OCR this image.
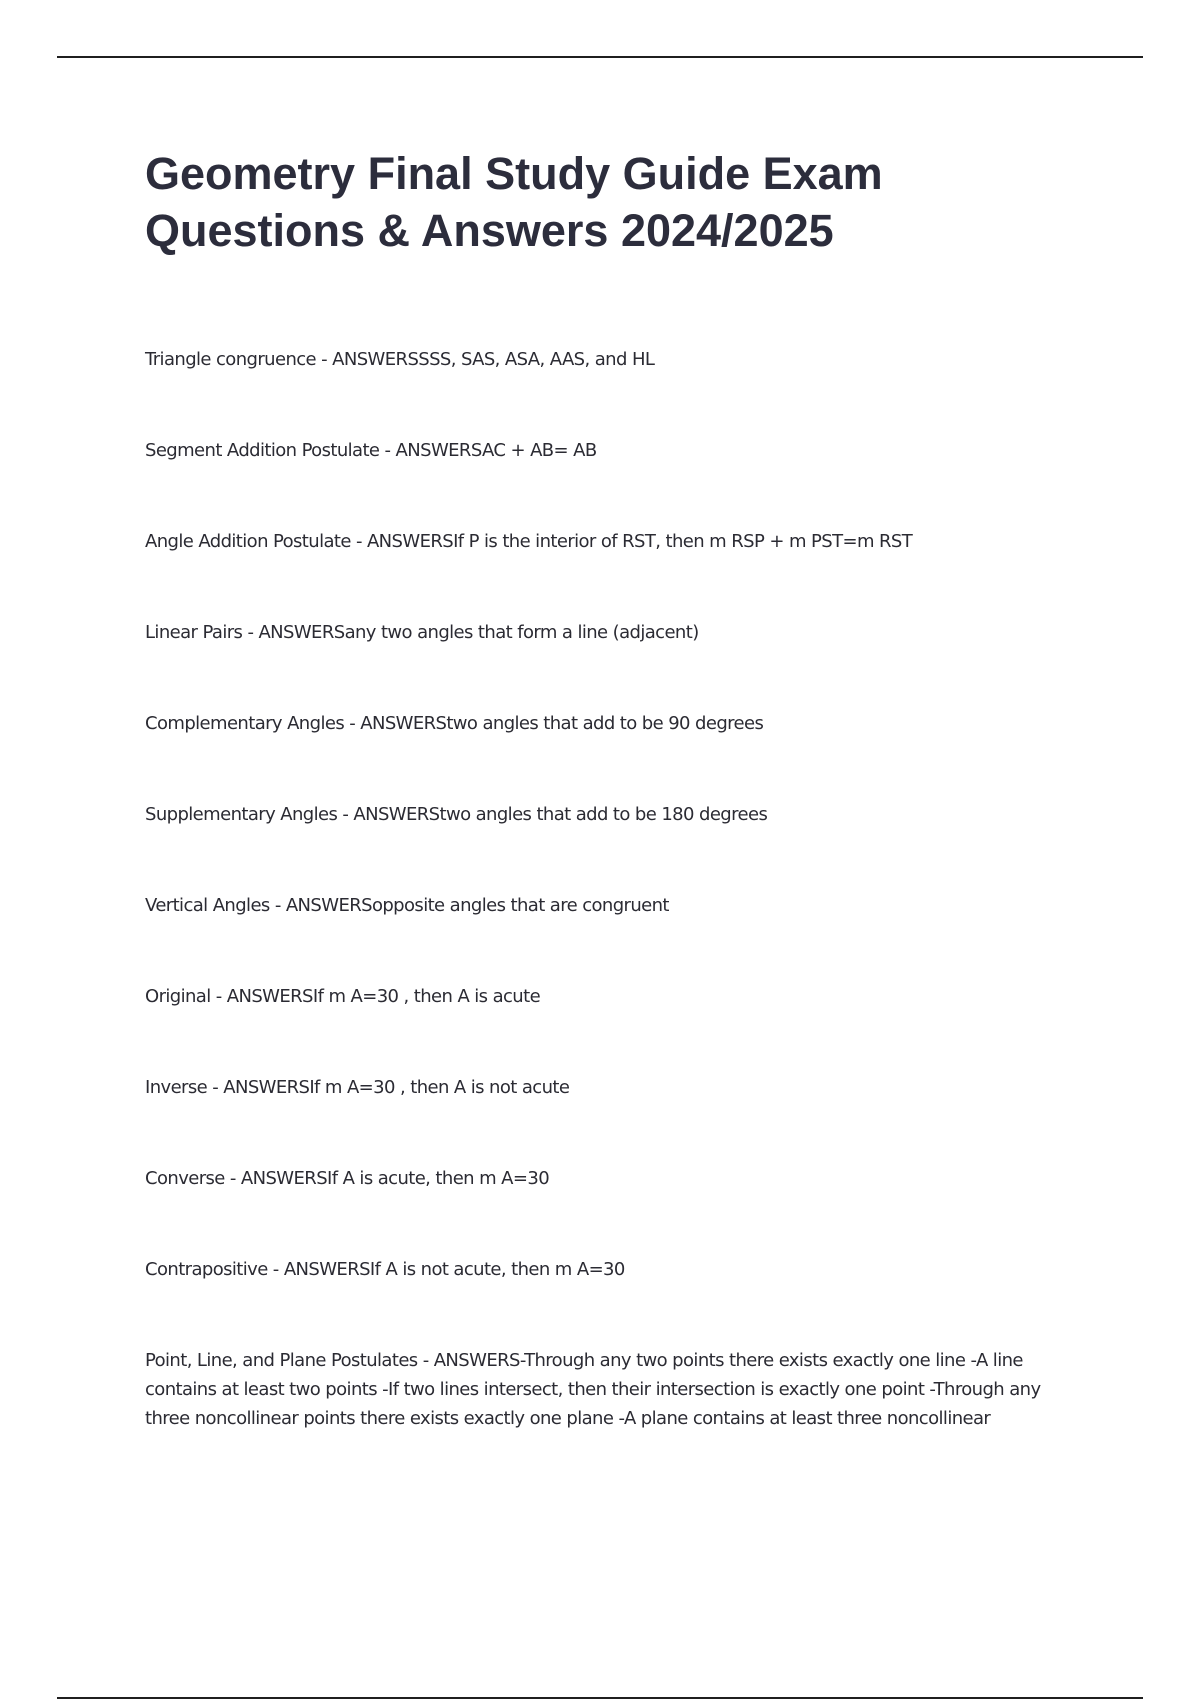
Geometry Final Study Guide Exam Questions & Answers 2024/2025
Triangle congruence - ANSWERSSSS, SAS, ASA, AAS, and HL
Segment Addition Postulate - ANSWERSAC + AB= AB
Angle Addition Postulate - ANSWERSIf P is the interior of RST, then m RSP + m PST=m RST
Linear Pairs - ANSWERSany two angles that form a line (adjacent)
Complementary Angles - ANSWERStwo angles that add to be 90 degrees
Supplementary Angles - ANSWERStwo angles that add to be 180 degrees
Vertical Angles - ANSWERSopposite angles that are congruent
Original - ANSWERSIf m A=30 , then A is acute
Inverse - ANSWERSIf m A=30 , then A is not acute
Converse - ANSWERSIf A is acute, then m A=30
Contrapositive - ANSWERSIf A is not acute, then m A=30
Point, Line, and Plane Postulates - ANSWERS-Through any two points there exists exactly one line -A line contains at least two points -If two lines intersect, then their intersection is exactly one point -Through any three noncollinear points there exists exactly one plane -A plane contains at least three noncollinear
